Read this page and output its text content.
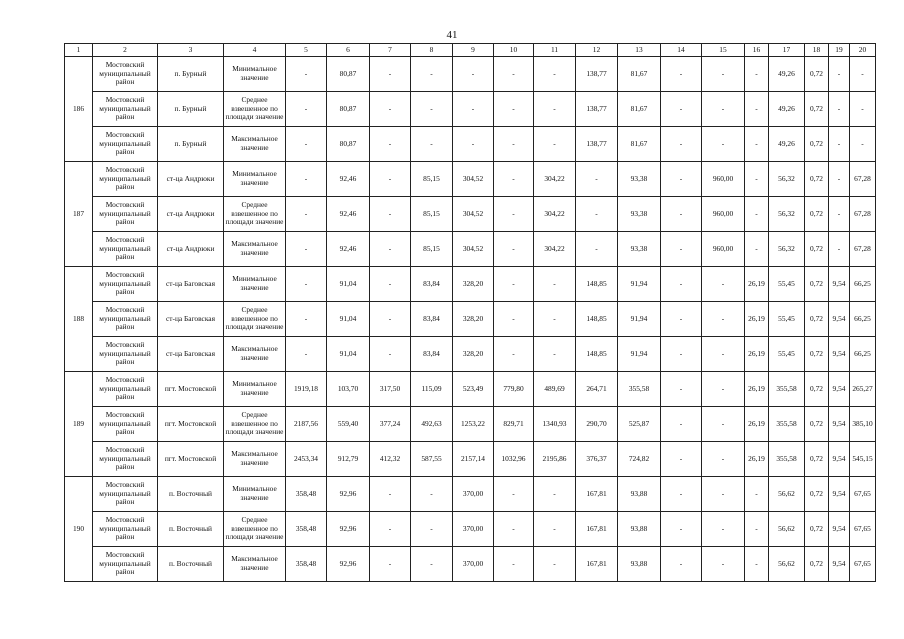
41
1	2	3	4	5	6	7	8	9	10	11	12	13	14	15	16	17	18	19	20
186	Мостовский муниципальный район	п. Бурный	Минимальное значение	-	80,87	-	-	-	-	-	138,77	81,67	-	-	-	49,26	0,72	-	-
	Мостовский муниципальный район	п. Бурный	Среднее взвешенное по площади значение	-	80,87	-	-	-	-	-	138,77	81,67	-	-	-	49,26	0,72	-	-
	Мостовский муниципальный район	п. Бурный	Максимальное значение	-	80,87	-	-	-	-	-	138,77	81,67	-	-	-	49,26	0,72	-	-
187	Мостовский муниципальный район	ст-ца Андрюки	Минимальное значение	-	92,46	-	85,15	304,52	-	304,22	-	93,38	-	960,00	-	56,32	0,72	-	67,28
	Мостовский муниципальный район	ст-ца Андрюки	Среднее взвешенное по площади значение	-	92,46	-	85,15	304,52	-	304,22	-	93,38	-	960,00	-	56,32	0,72	-	67,28
	Мостовский муниципальный район	ст-ца Андрюки	Максимальное значение	-	92,46	-	85,15	304,52	-	304,22	-	93,38	-	960,00	-	56,32	0,72	-	67,28
188	Мостовский муниципальный район	ст-ца Баговская	Минимальное значение	-	91,04	-	83,84	328,20	-	-	148,85	91,94	-	-	26,19	55,45	0,72	9,54	66,25
	Мостовский муниципальный район	ст-ца Баговская	Среднее взвешенное по площади значение	-	91,04	-	83,84	328,20	-	-	148,85	91,94	-	-	26,19	55,45	0,72	9,54	66,25
	Мостовский муниципальный район	ст-ца Баговская	Максимальное значение	-	91,04	-	83,84	328,20	-	-	148,85	91,94	-	-	26,19	55,45	0,72	9,54	66,25
189	Мостовский муниципальный район	пгт. Мостовской	Минимальное значение	1919,18	103,70	317,50	115,09	523,49	779,80	489,69	264,71	355,58	-	-	26,19	355,58	0,72	9,54	265,27
	Мостовский муниципальный район	пгт. Мостовской	Среднее взвешенное по площади значение	2187,56	559,40	377,24	492,63	1253,22	829,71	1340,93	290,70	525,87	-	-	26,19	355,58	0,72	9,54	385,10
	Мостовский муниципальный район	пгт. Мостовской	Максимальное значение	2453,34	912,79	412,32	587,55	2157,14	1032,96	2195,86	376,37	724,82	-	-	26,19	355,58	0,72	9,54	545,15
190	Мостовский муниципальный район	п. Восточный	Минимальное значение	358,48	92,96	-	-	370,00	-	-	167,81	93,88	-	-	-	56,62	0,72	9,54	67,65
	Мостовский муниципальный район	п. Восточный	Среднее взвешенное по площади значение	358,48	92,96	-	-	370,00	-	-	167,81	93,88	-	-	-	56,62	0,72	9,54	67,65
	Мостовский муниципальный район	п. Восточный	Максимальное значение	358,48	92,96	-	-	370,00	-	-	167,81	93,88	-	-	-	56,62	0,72	9,54	67,65
